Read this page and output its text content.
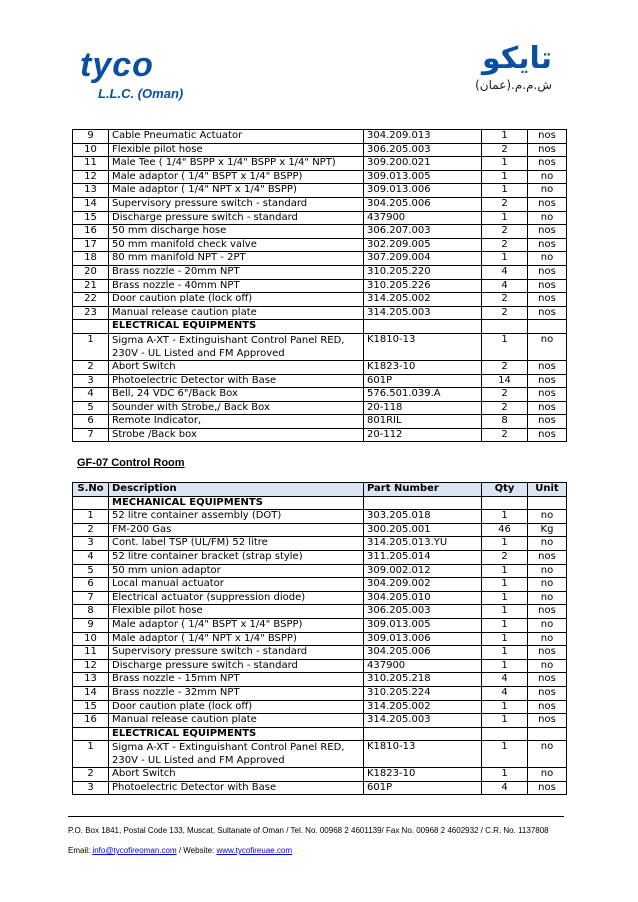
tyco
L.L.C. (Oman)
تايكو
ش.م.م.(عمان)
9	Cable Pneumatic Actuator	304.209.013	1	nos
10	Flexible pilot hose	306.205.003	2	nos
11	Male Tee ( 1/4" BSPP x 1/4" BSPP x 1/4" NPT)	309.200.021	1	nos
12	Male adaptor ( 1/4" BSPT x 1/4" BSPP)	309.013.005	1	no
13	Male adaptor ( 1/4" NPT x 1/4" BSPP)	309.013.006	1	no
14	Supervisory pressure switch - standard	304.205.006	2	nos
15	Discharge pressure switch - standard	437900	1	no
16	50 mm discharge hose	306.207.003	2	nos
17	50 mm manifold check valve	302.209.005	2	nos
18	80 mm manifold NPT - 2PT	307.209.004	1	no
20	Brass nozzle - 20mm NPT	310.205.220	4	nos
21	Brass nozzle - 40mm NPT	310.205.226	4	nos
22	Door caution plate (lock off)	314.205.002	2	nos
23	Manual release caution plate	314.205.003	2	nos
	ELECTRICAL EQUIPMENTS			
1	Sigma A-XT - Extinguishant Control Panel RED, 230V - UL Listed and FM Approved	K1810-13	1	no
2	Abort Switch	K1823-10	2	nos
3	Photoelectric Detector with Base	601P	14	nos
4	Bell, 24 VDC 6"/Back Box	576.501.039.A	2	nos
5	Sounder with Strobe,/ Back Box	20-118	2	nos
6	Remote Indicator,	801RIL	8	nos
7	Strobe /Back box	20-112	2	nos
GF-07 Control Room
S.No	Description	Part Number	Qty	Unit
	MECHANICAL EQUIPMENTS			
1	52 litre container assembly (DOT)	303.205.018	1	no
2	FM-200 Gas	300.205.001	46	Kg
3	Cont. label TSP (UL/FM) 52 litre	314.205.013.YU	1	no
4	52 litre container bracket (strap style)	311.205.014	2	nos
5	50 mm union adaptor	309.002.012	1	no
6	Local manual actuator	304.209.002	1	no
7	Electrical actuator (suppression diode)	304.205.010	1	no
8	Flexible pilot hose	306.205.003	1	nos
9	Male adaptor ( 1/4" BSPT x 1/4" BSPP)	309.013.005	1	no
10	Male adaptor ( 1/4" NPT x 1/4" BSPP)	309.013.006	1	no
11	Supervisory pressure switch - standard	304.205.006	1	nos
12	Discharge pressure switch - standard	437900	1	no
13	Brass nozzle - 15mm NPT	310.205.218	4	nos
14	Brass nozzle - 32mm NPT	310.205.224	4	nos
15	Door caution plate (lock off)	314.205.002	1	nos
16	Manual release caution plate	314.205.003	1	nos
	ELECTRICAL EQUIPMENTS			
1	Sigma A-XT - Extinguishant Control Panel RED, 230V - UL Listed and FM Approved	K1810-13	1	no
2	Abort Switch	K1823-10	1	no
3	Photoelectric Detector with Base	601P	4	nos
P.O. Box 1841, Postal Code 133, Muscat, Sultanate of Oman / Tel. No. 00968 2 4601139/ Fax No. 00968 2 4602932 / C.R. No. 1137808
Email: info@tycofireoman.com / Website: www.tycofireuae.com
